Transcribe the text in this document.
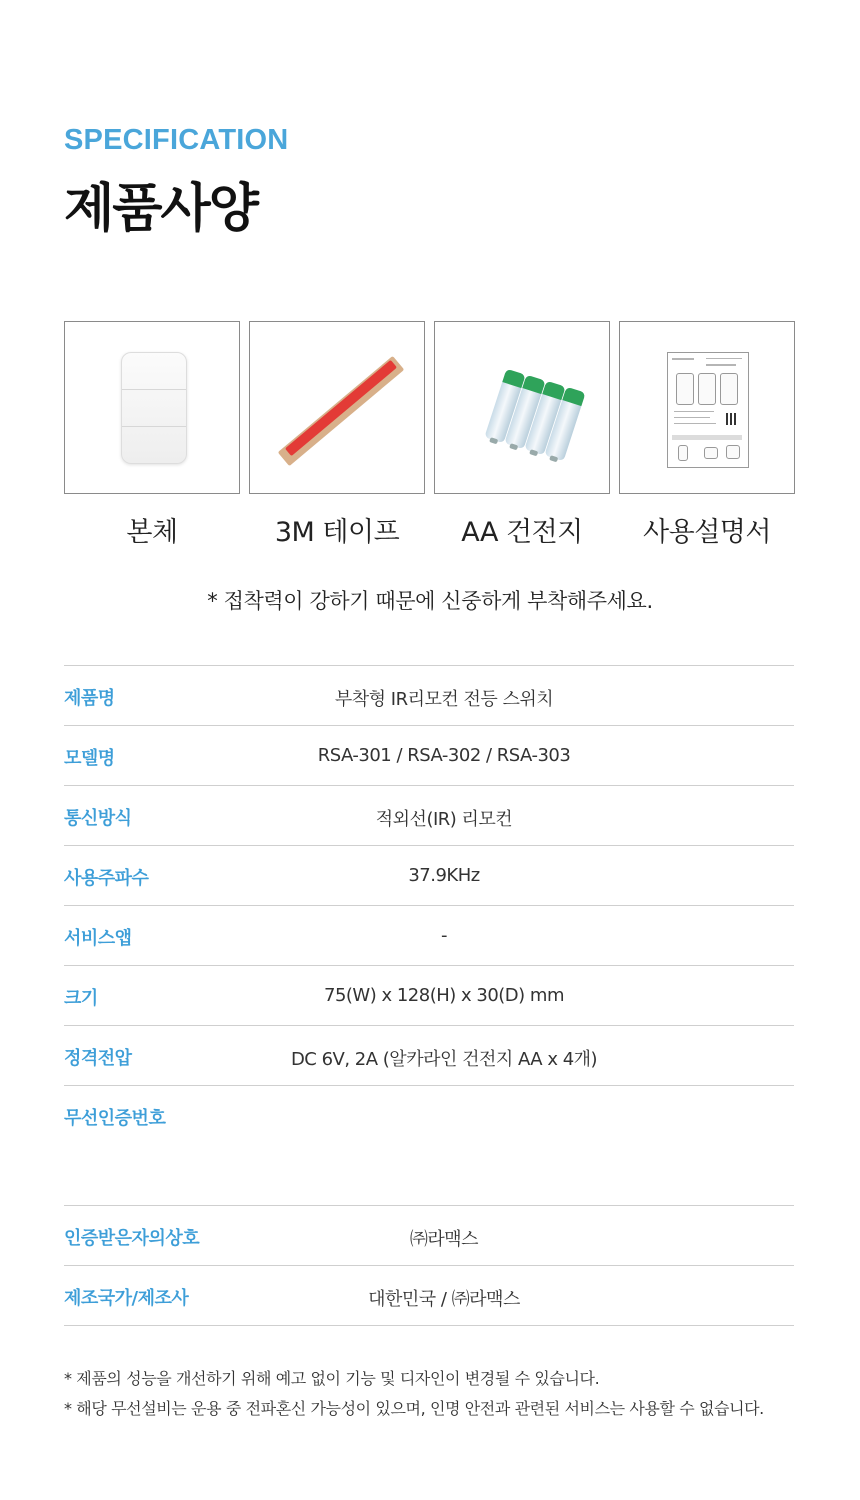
SPECIFICATION
제품사양
본체	3M 테이프	AA 건전지	사용설명서
* 접착력이 강하기 때문에 신중하게 부착해주세요.
제품명	부착형 IR리모컨 전등 스위치
모델명	RSA-301 / RSA-302 / RSA-303
통신방식	적외선(IR) 리모컨
사용주파수	37.9KHz
서비스앱	-
크기	75(W) x 128(H) x 30(D) mm
정격전압	DC 6V, 2A (알카라인 건전지 AA x 4개)
무선인증번호
인증받은자의상호	㈜라맥스
제조국가/제조사	대한민국 / ㈜라맥스
* 제품의 성능을 개선하기 위해 예고 없이 기능 및 디자인이 변경될 수 있습니다.
* 해당 무선설비는 운용 중 전파혼신 가능성이 있으며, 인명 안전과 관련된 서비스는 사용할 수 없습니다.
